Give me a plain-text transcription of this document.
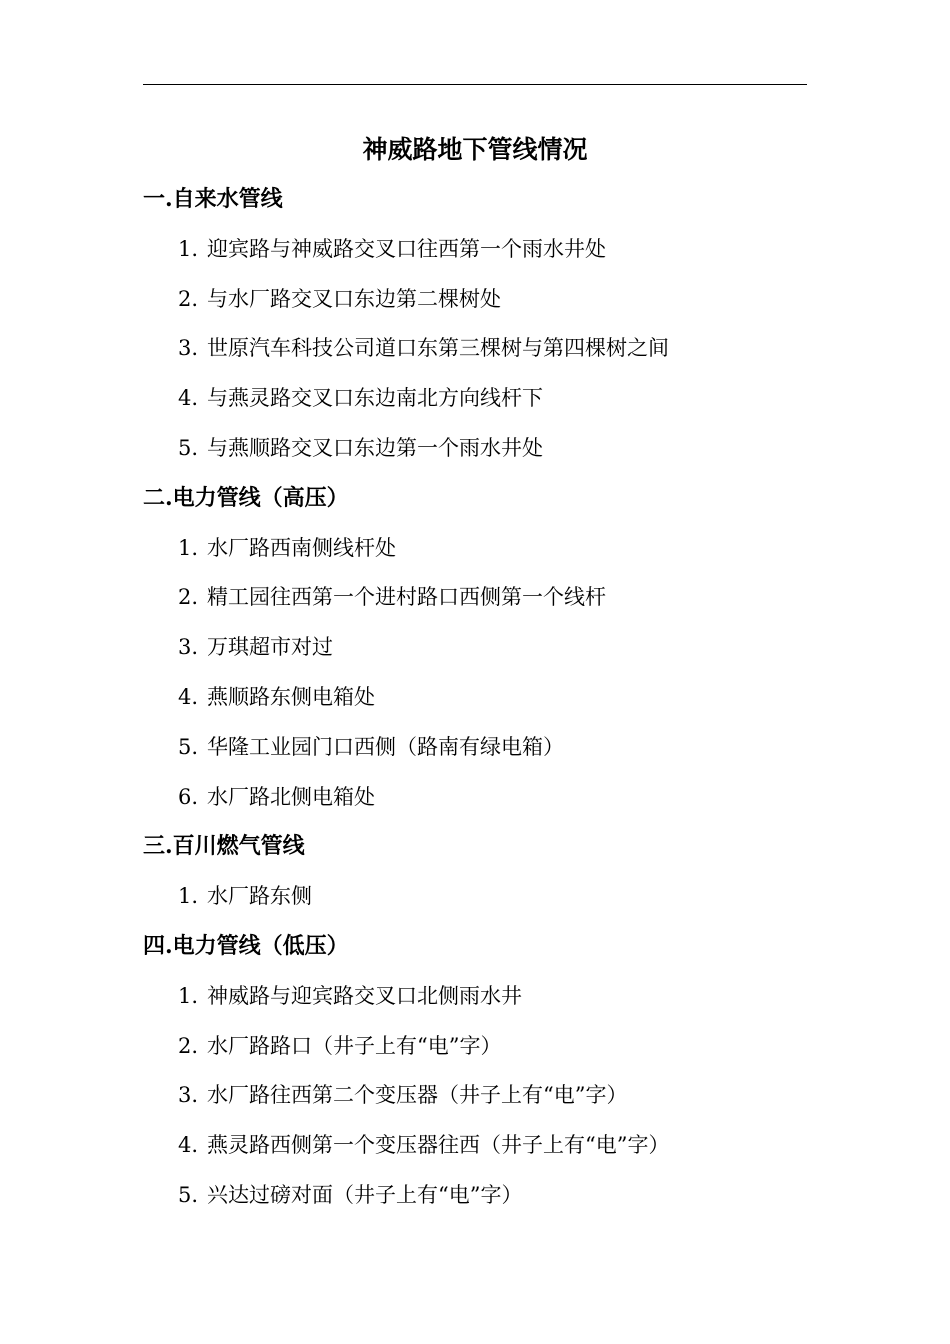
神威路地下管线情况
一.自来水管线
1. 迎宾路与神威路交叉口往西第一个雨水井处
2. 与水厂路交叉口东边第二棵树处
3. 世原汽车科技公司道口东第三棵树与第四棵树之间
4. 与燕灵路交叉口东边南北方向线杆下
5. 与燕顺路交叉口东边第一个雨水井处
二.电力管线（高压）
1. 水厂路西南侧线杆处
2. 精工园往西第一个进村路口西侧第一个线杆
3. 万琪超市对过
4. 燕顺路东侧电箱处
5. 华隆工业园门口西侧（路南有绿电箱）
6. 水厂路北侧电箱处
三.百川燃气管线
1. 水厂路东侧
四.电力管线（低压）
1. 神威路与迎宾路交叉口北侧雨水井
2. 水厂路路口（井子上有“电”字）
3. 水厂路往西第二个变压器（井子上有“电”字）
4. 燕灵路西侧第一个变压器往西（井子上有“电”字）
5. 兴达过磅对面（井子上有“电”字）
